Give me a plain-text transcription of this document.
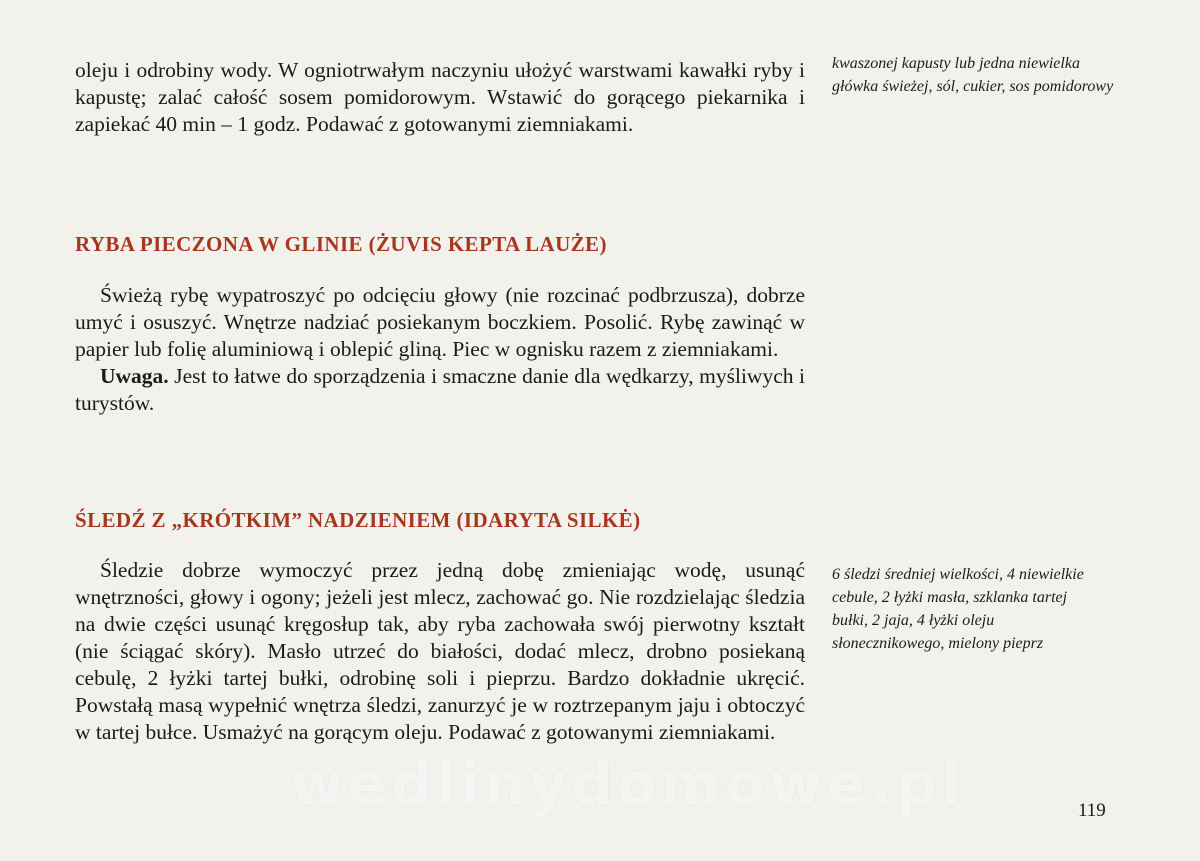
oleju i odrobiny wody. W ogniotrwałym naczyniu ułożyć warstwami kawałki ryby i kapustę; zalać całość sosem pomidorowym. Wstawić do gorącego piekarnika i zapiekać 40 min – 1 godz. Podawać z gotowanymi ziemniakami.

kwaszonej kapusty lub jedna niewielka główka świeżej, sól, cukier, sos pomidorowy
RYBA PIECZONA W GLINIE (ŻUVIS KEPTA LAUŻE)

Świeżą rybę wypatroszyć po odcięciu głowy (nie rozcinać podbrzusza), dobrze umyć i osuszyć. Wnętrze nadziać posiekanym boczkiem. Posolić. Rybę zawinąć w papier lub folię aluminiową i oblepić gliną. Piec w ognisku razem z ziemniakami.

Uwaga. Jest to łatwe do sporządzenia i smaczne danie dla wędkarzy, myśliwych i turystów.

ŚLEDŹ Z „KRÓTKIM” NADZIENIEM (IDARYTA SILKĖ)

Śledzie dobrze wymoczyć przez jedną dobę zmieniając wodę, usunąć wnętrzności, głowy i ogony; jeżeli jest mlecz, zachować go. Nie rozdzielając śledzia na dwie części usunąć kręgosłup tak, aby ryba zachowała swój pierwotny kształt (nie ściągać skóry). Masło utrzeć do białości, dodać mlecz, drobno posiekaną cebulę, 2 łyżki tartej bułki, odrobinę soli i pieprzu. Bardzo dokładnie ukręcić. Powstałą masą wypełnić wnętrza śledzi, zanurzyć je w roztrzepanym jaju i obtoczyć w tartej bułce. Usmażyć na gorącym oleju. Podawać z gotowanymi ziemniakami.

6 śledzi średniej wielkości, 4 niewielkie cebule, 2 łyżki masła, szklanka tartej bułki, 2 jaja, 4 łyżki oleju słonecznikowego, mielony pieprz
wedlinydomowe.pl	119
